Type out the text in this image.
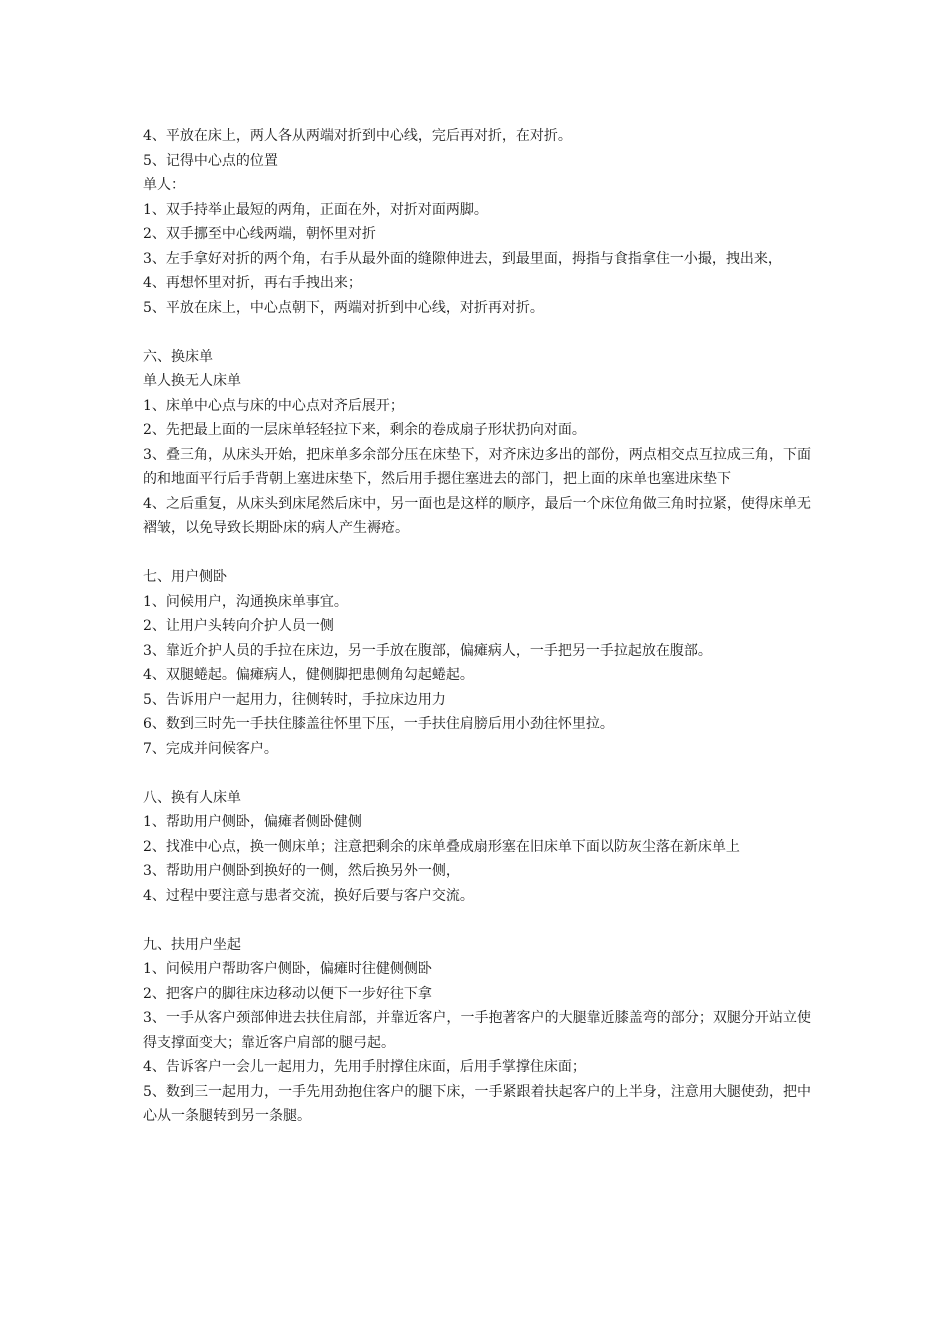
4、平放在床上，两人各从两端对折到中心线，完后再对折，在对折。
5、记得中心点的位置
单人：
1、双手持举止最短的两角，正面在外，对折对面两脚。
2、双手挪至中心线两端，朝怀里对折
3、左手拿好对折的两个角，右手从最外面的缝隙伸进去，到最里面，拇指与食指拿住一小撮，拽出来，
4、再想怀里对折，再右手拽出来；
5、平放在床上，中心点朝下，两端对折到中心线，对折再对折。
六、换床单
单人换无人床单
1、床单中心点与床的中心点对齐后展开；
2、先把最上面的一层床单轻轻拉下来，剩余的卷成扇子形状扔向对面。
3、叠三角，从床头开始，把床单多余部分压在床垫下，对齐床边多出的部份，两点相交点互拉成三角，下面的和地面平行后手背朝上塞进床垫下，然后用手摁住塞进去的部门，把上面的床单也塞进床垫下
4、之后重复，从床头到床尾然后床中，另一面也是这样的顺序，最后一个床位角做三角时拉紧，使得床单无褶皱，以免导致长期卧床的病人产生褥疮。
七、用户侧卧
1、问候用户，沟通换床单事宜。
2、让用户头转向介护人员一侧
3、靠近介护人员的手拉在床边，另一手放在腹部，偏瘫病人，一手把另一手拉起放在腹部。
4、双腿蜷起。偏瘫病人，健侧脚把患侧角勾起蜷起。
5、告诉用户一起用力，往侧转时，手拉床边用力
6、数到三时先一手扶住膝盖往怀里下压，一手扶住肩膀后用小劲往怀里拉。
7、完成并问候客户。
八、换有人床单
1、帮助用户侧卧，偏瘫者侧卧健侧
2、找准中心点，换一侧床单；注意把剩余的床单叠成扇形塞在旧床单下面以防灰尘落在新床单上
3、帮助用户侧卧到换好的一侧，然后换另外一侧，
4、过程中要注意与患者交流，换好后要与客户交流。
九、扶用户坐起
1、问候用户帮助客户侧卧，偏瘫时往健侧侧卧
2、把客户的脚往床边移动以便下一步好往下拿
3、一手从客户颈部伸进去扶住肩部，并靠近客户，一手抱著客户的大腿靠近膝盖弯的部分；双腿分开站立使得支撑面变大；靠近客户肩部的腿弓起。
4、告诉客户一会儿一起用力，先用手肘撑住床面，后用手掌撑住床面；
5、数到三一起用力，一手先用劲抱住客户的腿下床，一手紧跟着扶起客户的上半身，注意用大腿使劲，把中心从一条腿转到另一条腿。
